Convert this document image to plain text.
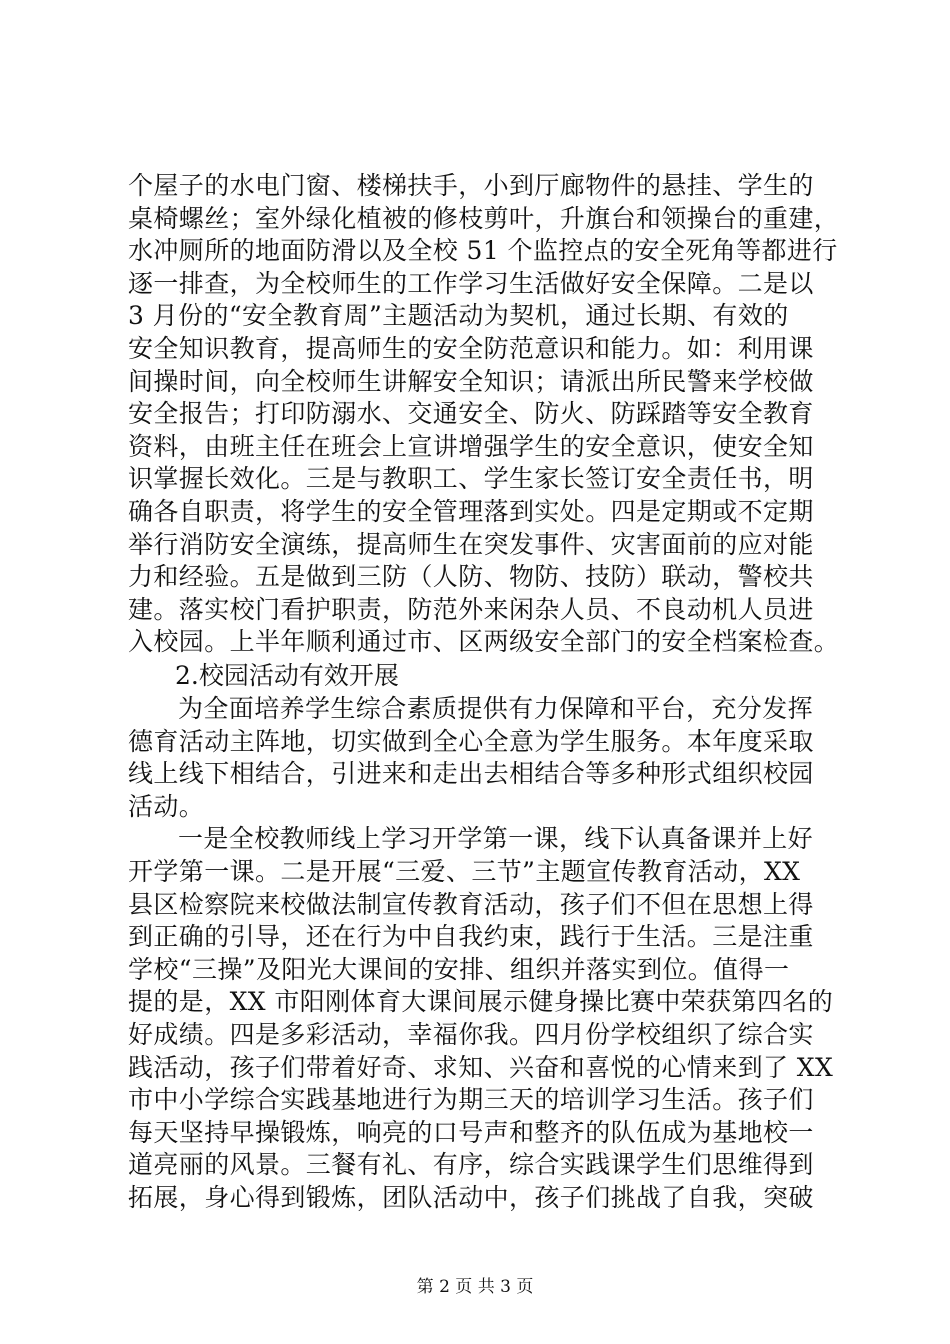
个屋子的水电门窗、楼梯扶手，小到厅廊物件的悬挂、学生的
桌椅螺丝；室外绿化植被的修枝剪叶，升旗台和领操台的重建，
水冲厕所的地面防滑以及全校 51 个监控点的安全死角等都进行
逐一排查，为全校师生的工作学习生活做好安全保障。二是以
3 月份的“安全教育周”主题活动为契机，通过长期、有效的
安全知识教育，提高师生的安全防范意识和能力。如：利用课
间操时间，向全校师生讲解安全知识；请派出所民警来学校做
安全报告；打印防溺水、交通安全、防火、防踩踏等安全教育
资料，由班主任在班会上宣讲增强学生的安全意识，使安全知
识掌握长效化。三是与教职工、学生家长签订安全责任书，明
确各自职责，将学生的安全管理落到实处。四是定期或不定期
举行消防安全演练，提高师生在突发事件、灾害面前的应对能
力和经验。五是做到三防（人防、物防、技防）联动，警校共
建。落实校门看护职责，防范外来闲杂人员、不良动机人员进
入校园。上半年顺利通过市、区两级安全部门的安全档案检查。
2.校园活动有效开展
为全面培养学生综合素质提供有力保障和平台，充分发挥
德育活动主阵地，切实做到全心全意为学生服务。本年度采取
线上线下相结合，引进来和走出去相结合等多种形式组织校园
活动。
一是全校教师线上学习开学第一课，线下认真备课并上好
开学第一课。二是开展“三爱、三节”主题宣传教育活动，XX
县区检察院来校做法制宣传教育活动，孩子们不但在思想上得
到正确的引导，还在行为中自我约束，践行于生活。三是注重
学校“三操”及阳光大课间的安排、组织并落实到位。值得一
提的是，XX 市阳刚体育大课间展示健身操比赛中荣获第四名的
好成绩。四是多彩活动，幸福你我。四月份学校组织了综合实
践活动，孩子们带着好奇、求知、兴奋和喜悦的心情来到了 XX
市中小学综合实践基地进行为期三天的培训学习生活。孩子们
每天坚持早操锻炼，响亮的口号声和整齐的队伍成为基地校一
道亮丽的风景。三餐有礼、有序，综合实践课学生们思维得到
拓展，身心得到锻炼，团队活动中，孩子们挑战了自我，突破
第 2 页 共 3 页
